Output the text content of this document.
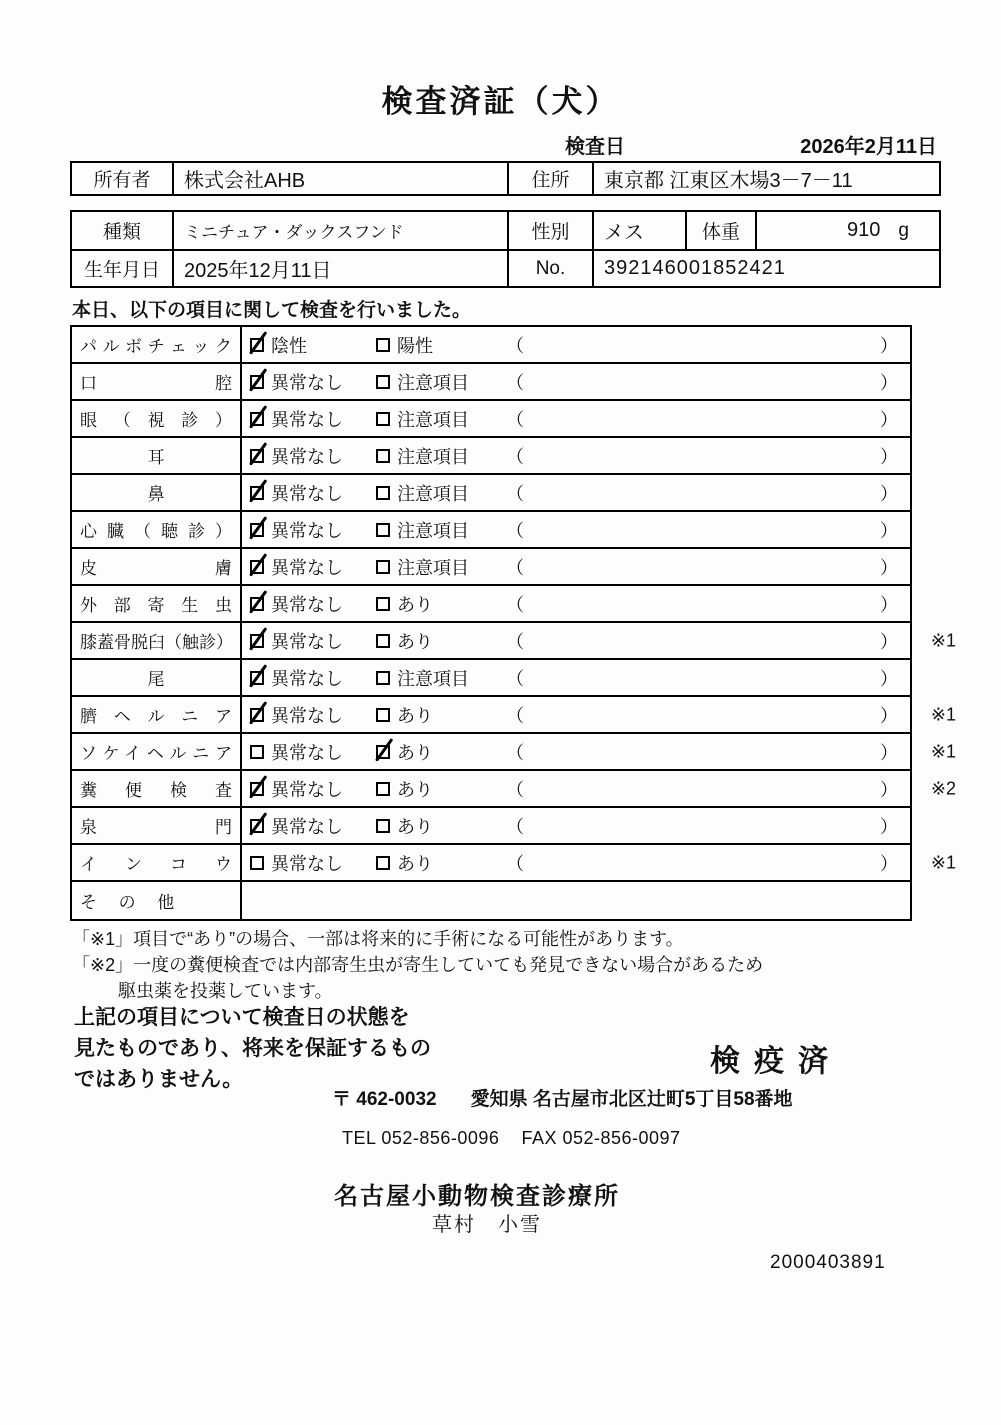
検査済証（犬）
検査日	2026年2月11日
所有者	株式会社AHB	住所	東京都 江東区木場3－7－11
種類	ミニチュア・ダックスフンド	性別	メス	体重	910 g
生年月日	2025年12月11日	No.	392146001852421
本日、以下の項目に関して検査を行いました。
パルボチェック 陰性	陽性	（	）
口腔 異常なし	注意項目 （	）
眼（視診） 異常なし	注意項目 （	）
耳	異常なし	注意項目 （	）
鼻	異常なし	注意項目 （	）
心臓（聴診） 異常なし	注意項目 （	）
皮膚 異常なし	注意項目 （	）
外部寄生虫 異常なし	あり	（	）
膝蓋骨脱臼（触診） 異常なし	あり	（	） ※1
尾	異常なし	注意項目 （	）
臍ヘルニア 異常なし	あり	（	） ※1
ソケイヘルニア 異常なし	あり	（	） ※1
糞便検査 異常なし	あり	（	） ※2
泉門 異常なし	あり	（	）
インコウ 異常なし	あり	（	） ※1
その他
「※1」項目で“あり”の場合、一部は将来的に手術になる可能性があります。
「※2」一度の糞便検査では内部寄生虫が寄生していても発見できない場合があるため
駆虫薬を投薬しています。
上記の項目について検査日の状態を
見たものであり、将来を保証するもの
ではありません。
検疫済
〒 462-0032 愛知県 名古屋市北区辻町5丁目58番地
TEL 052-856-0096 FAX 052-856-0097
名古屋小動物検査診療所
草村　小雪
2000403891
